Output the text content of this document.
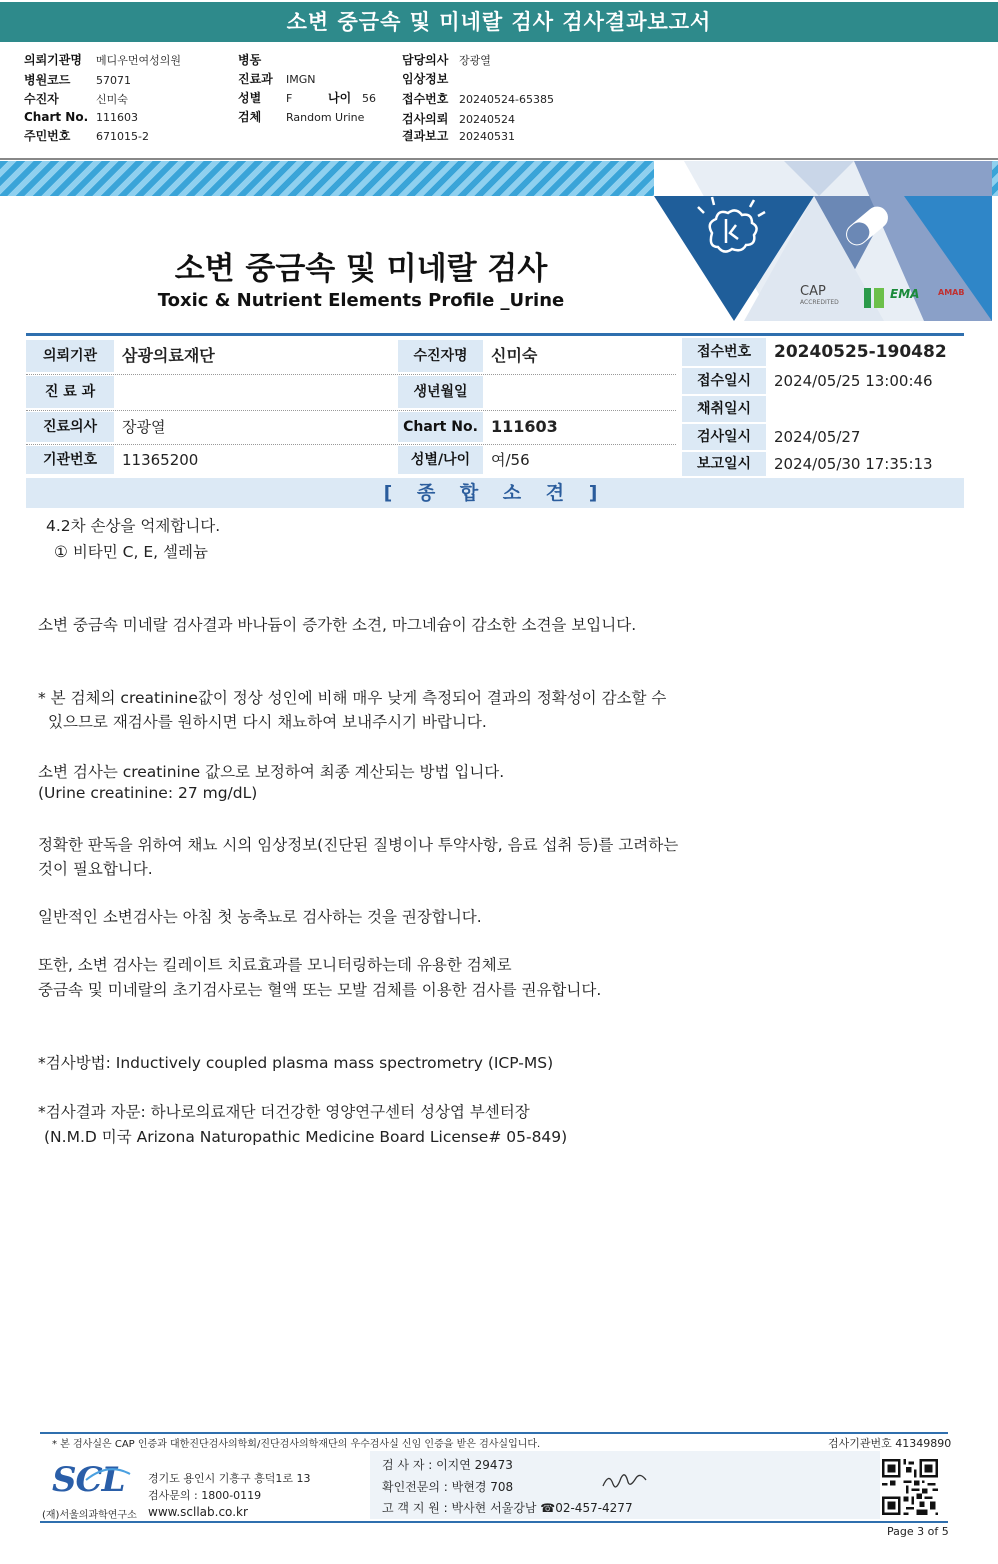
소변 중금속 및 미네랄 검사 검사결과보고서
의뢰기관명 메디우먼여성의원
병원코드 57071
수진자	신미숙
Chart No. 111603
주민번호 671015-2
병동
진료과 IMGN
성별 F	나이 56
검체 Random Urine
담당의사 장광열
임상정보
접수번호 20240524-65385
검사의뢰 20240524
결과보고 20240531
소변 중금속 및 미네랄 검사
Toxic & Nutrient Elements Profile _Urine	CAP
ACCREDITED
EMA AMAB
의뢰기관	삼광의료재단
진 료 과
진료의사	장광열
기관번호	11365200
수진자명	신미숙
생년월일
Chart No. 111603
성별/나이	여/56
접수번호	20240525-190482
접수일시	2024/05/25 13:00:46
채취일시
검사일시	2024/05/27
보고일시	2024/05/30 17:35:13
[ 종 합 소 견 ]
4.2차 손상을 억제합니다.
① 비타민 C, E, 셀레늄
소변 중금속 미네랄 검사결과 바나듐이 증가한 소견, 마그네슘이 감소한 소견을 보입니다.
* 본 검체의 creatinine값이 정상 성인에 비해 매우 낮게 측정되어 결과의 정확성이 감소할 수
있으므로 재검사를 원하시면 다시 채뇨하여 보내주시기 바랍니다.
소변 검사는 creatinine 값으로 보정하여 최종 계산되는 방법 입니다.
(Urine creatinine: 27 mg/dL)
정확한 판독을 위하여 채뇨 시의 임상정보(진단된 질병이나 투약사항, 음료 섭취 등)를 고려하는
것이 필요합니다.
일반적인 소변검사는 아침 첫 농축뇨로 검사하는 것을 권장합니다.
또한, 소변 검사는 킬레이트 치료효과를 모니터링하는데 유용한 검체로
중금속 및 미네랄의 초기검사로는 혈액 또는 모발 검체를 이용한 검사를 권유합니다.
*검사방법: Inductively coupled plasma mass spectrometry (ICP-MS)
*검사결과 자문: 하나로의료재단 더건강한 영양연구센터 성상엽 부센터장
(N.M.D 미국 Arizona Naturopathic Medicine Board License# 05-849)
* 본 검사실은 CAP 인증과 대한진단검사의학회/진단검사의학재단의 우수검사실 신임 인증을 받은 검사실입니다.	검사기관번호 41349890
SCL
(재)서울의과학연구소
경기도 용인시 기흥구 흥덕1로 13
검사문의 : 1800-0119
www.scllab.co.kr
검 사 자 : 이지연 29473
확인전문의 : 박현경 708
고 객 지 원 : 박사현 서울강남 ☎02-457-4277
Page 3 of 5
